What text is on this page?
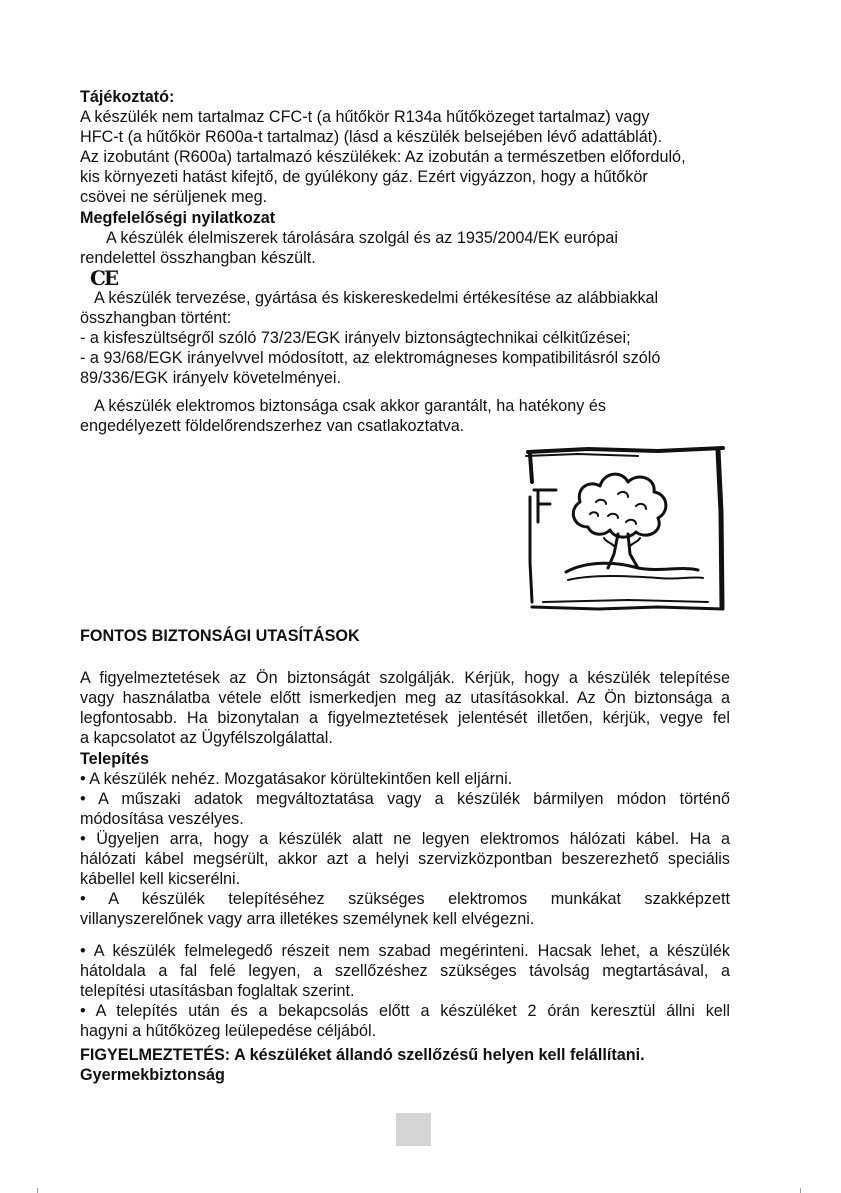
Tájékoztató:

A készülék nem tartalmaz CFC-t (a hűtőkör R134a hűtőközeget tartalmaz) vagy
HFC-t (a hűtőkör R600a-t tartalmaz) (lásd a készülék belsejében lévő adattáblát).
Az izobutánt (R600a) tartalmazó készülékek: Az izobután a természetben előforduló,
kis környezeti hatást kifejtő, de gyúlékony gáz. Ezért vigyázzon, hogy a hűtőkör
csövei ne sérüljenek meg.

Megfelelőségi nyilatkozat

A készülék élelmiszerek tárolására szolgál és az 1935/2004/EK európai
rendelettel összhangban készült.
CE
A készülék tervezése, gyártása és kiskereskedelmi értékesítése az alábbiakkal
összhangban történt:
- a kisfeszültségről szóló 73/23/EGK irányelv biztonságtechnikai célkitűzései;
- a 93/68/EGK irányelvvel módosított, az elektromágneses kompatibilitásról szóló
89/336/EGK irányelv követelményei.
A készülék elektromos biztonsága csak akkor garantált, ha hatékony és
engedélyezett földelőrendszerhez van csatlakoztatva.

FONTOS BIZTONSÁGI UTASÍTÁSOK

A figyelmeztetések az Ön biztonságát szolgálják. Kérjük, hogy a készülék telepítése
vagy használatba vétele előtt ismerkedjen meg az utasításokkal. Az Ön biztonsága a
legfontosabb. Ha bizonytalan a figyelmeztetések jelentését illetően, kérjük, vegye fel
a kapcsolatot az Ügyfélszolgálattal.

Telepítés

• A készülék nehéz. Mozgatásakor körültekintően kell eljárni.
• A műszaki adatok megváltoztatása vagy a készülék bármilyen módon történő
módosítása veszélyes.
• Ügyeljen arra, hogy a készülék alatt ne legyen elektromos hálózati kábel. Ha a
hálózati kábel megsérült, akkor azt a helyi szervizközpontban beszerezhető speciális
kábellel kell kicserélni.
• A készülék telepítéséhez szükséges elektromos munkákat szakképzett
villanyszerelőnek vagy arra illetékes személynek kell elvégezni.
• A készülék felmelegedő részeit nem szabad megérinteni. Hacsak lehet, a készülék
hátoldala a fal felé legyen, a szellőzéshez szükséges távolság megtartásával, a
telepítési utasításban foglaltak szerint.
• A telepítés után és a bekapcsolás előtt a készüléket 2 órán keresztül állni kell
hagyni a hűtőközeg leülepedése céljából.

FIGYELMEZTETÉS: A készüléket állandó szellőzésű helyen kell felállítani.

Gyermekbiztonság
